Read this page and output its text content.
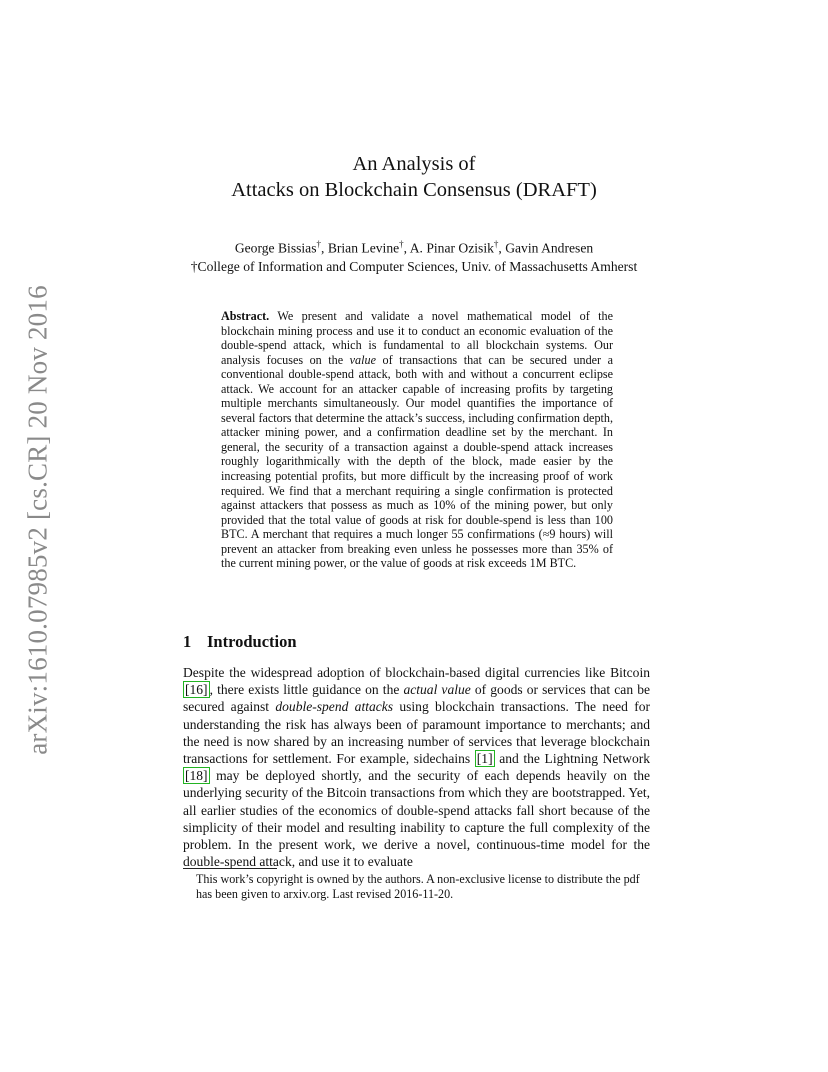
arXiv:1610.07985v2 [cs.CR] 20 Nov 2016
An Analysis of
Attacks on Blockchain Consensus (DRAFT)
George Bissias†, Brian Levine†, A. Pinar Ozisik†, Gavin Andresen
†College of Information and Computer Sciences, Univ. of Massachusetts Amherst
Abstract. We present and validate a novel mathematical model of the blockchain mining process and use it to conduct an economic evaluation of the double-spend attack, which is fundamental to all blockchain systems. Our analysis focuses on the value of transactions that can be secured under a conventional double-spend attack, both with and without a concurrent eclipse attack. We account for an attacker capable of increasing profits by targeting multiple merchants simultaneously. Our model quantifies the importance of several factors that determine the attack’s success, including confirmation depth, attacker mining power, and a confirmation deadline set by the merchant. In general, the security of a transaction against a double-spend attack increases roughly logarithmically with the depth of the block, made easier by the increasing potential profits, but more difficult by the increasing proof of work required. We find that a merchant requiring a single confirmation is protected against attackers that possess as much as 10% of the mining power, but only provided that the total value of goods at risk for double-spend is less than 100 BTC. A merchant that requires a much longer 55 confirmations (≈9 hours) will prevent an attacker from breaking even unless he possesses more than 35% of the current mining power, or the value of goods at risk exceeds 1M BTC.
1 Introduction
Despite the widespread adoption of blockchain-based digital currencies like Bitcoin [16] , there exists little guidance on the actual value of goods or services that can be secured against double-spend attacks using blockchain transactions. The need for understanding the risk has always been of paramount importance to merchants; and the need is now shared by an increasing number of services that leverage blockchain transactions for settlement. For example, sidechains [1] and the Lightning Network [18] may be deployed shortly, and the security of each depends heavily on the underlying security of the Bitcoin transactions from which they are bootstrapped. Yet, all earlier studies of the economics of double-spend attacks fall short because of the simplicity of their model and resulting inability to capture the full complexity of the problem. In the present work, we derive a novel, continuous-time model for the double-spend attack, and use it to evaluate
This work’s copyright is owned by the authors. A non-exclusive license to distribute the pdf has been given to arxiv.org. Last revised 2016-11-20.
